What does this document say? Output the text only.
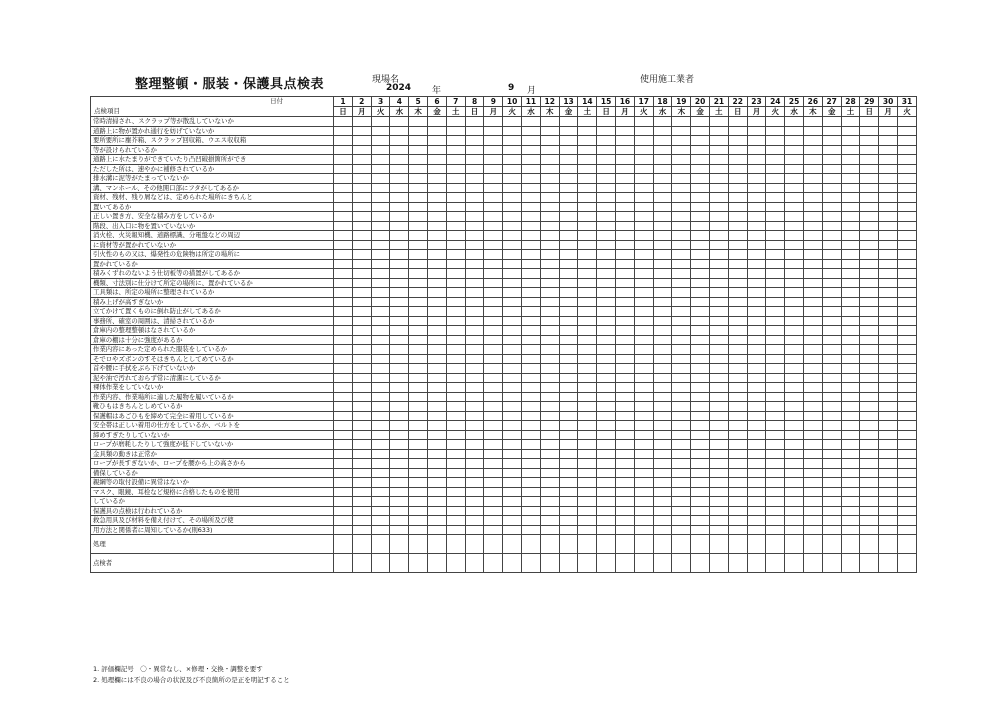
整理整頓・服装・保護具点検表	現場名
2024 年	9 月
使用施工業者
日付
点検項目	1	2	3	4	5	6	7	8	9	10	11	12	13	14	15	16	17	18	19	20	21	22	23	24	25	26	27	28	29	30	31
	日	月	火	水	木	金	土	日	月	火	水	木	金	土	日	月	火	水	木	金	土	日	月	火	水	木	金	土	日	月	火
常時清掃され、スクラップ等が散乱していないか																															
道路上に物が置かれ通行を妨げていないか																															
要所要所に塵芥箱、スクラップ回収箱、ウエス収収箱																															
等が設けられているか																															
通路上に水たまりができていたり凸凹破損箇所ができ																															
ただした所は、速やかに補修されているか																															
排水溝に泥等がたまっていないか																															
溝、マンホール、その他開口部にフタがしてあるか																															
資材、残材、残り屑などは、定められた場所にきちんと																															
置いてあるか																															
正しい置き方、安全な積み方をしているか																															
階段、出入口に物を置いていないか																															
消火栓、火災報知機、道路標識、分電盤などの周辺																															
に資材等が置かれていないか																															
引火性のもの又は、爆発性の危険物は所定の場所に																															
置かれているか																															
積みくずれのないよう仕切板等の措置がしてあるか																															
機類、寸法別に仕分けて所定の場所に、置かれているか																															
工具類は、所定の場所に整理されているか																															
積み上げが高すぎないか																															
立てかけて置くものに倒れ防止がしてあるか																															
事務所、確室の周囲は、清掃されているか																															
倉庫内の整理整頓はなされているか																															
倉庫の棚は十分に強度があるか																															
作業内容にあった定められた服装をしているか																															
そでロやズボンのすそはきちんとしてめているか																															
首や腰に手拭をぶら下げていないか																															
泥や油で汚れておらず常に清潔にしているか																															
裸体作業をしていないか																															
作業内容、作業場所に適した履物を履いているか																															
靴ひもはきちんとしめているか																															
保護帽はあごひもを締めて完全に着用しているか																															
安全帯は正しい着用の仕方をしているか、ベルトを																															
締めすぎたりしていないか																															
ロープが磨耗したりして強度が低下していないか																															
金具類の動きは正常か																															
ロープが長すぎないか、ロープを腰から上の高さから																															
備保しているか																															
親綱等の取付設備に異常はないか																															
マスク、眼鏡、耳栓など規格に合格したものを使用																															
しているか																															
保護具の点検は行われているか																															
救急用具及び材料を備え付けて、その場所及び使																															
用方法と関係者に周知しているか(則633)																															
処理																															
点検者																															
1. 評価欄記号　〇・異常なし、×修理・交換・調整を要す
2. 処理欄には不良の場合の状況及び不良箇所の是正を明記すること
